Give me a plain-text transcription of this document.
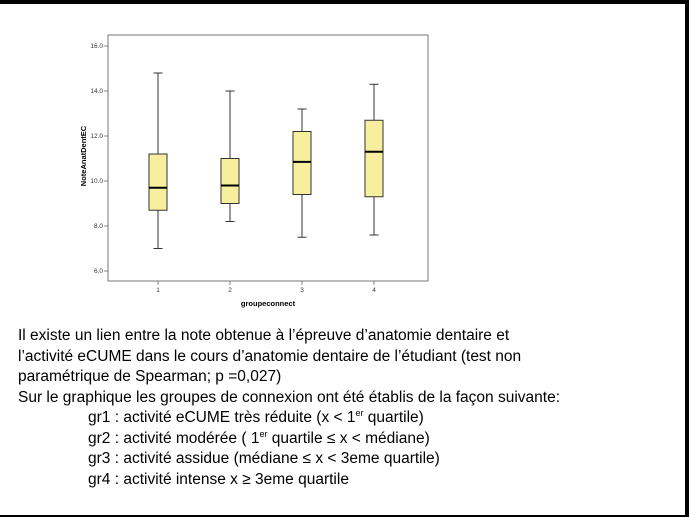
6.0
8.0
10.0
12.0
14.0
16.0
1	2	3	4
groupeconnect
NoteAnatDentEC
Il existe un lien entre la note obtenue à l’épreuve d’anatomie dentaire et
l’activité eCUME dans le cours d’anatomie dentaire de l’étudiant (test non
paramétrique de Spearman; p =0,027)
Sur le graphique les groupes de connexion ont été établis de la façon suivante:
gr1 : activité eCUME très réduite (x < 1er quartile)
gr2 : activité modérée ( 1er quartile ≤ x < médiane)
gr3 : activité assidue (médiane ≤ x < 3eme quartile)
gr4 : activité intense x ≥ 3eme quartile
